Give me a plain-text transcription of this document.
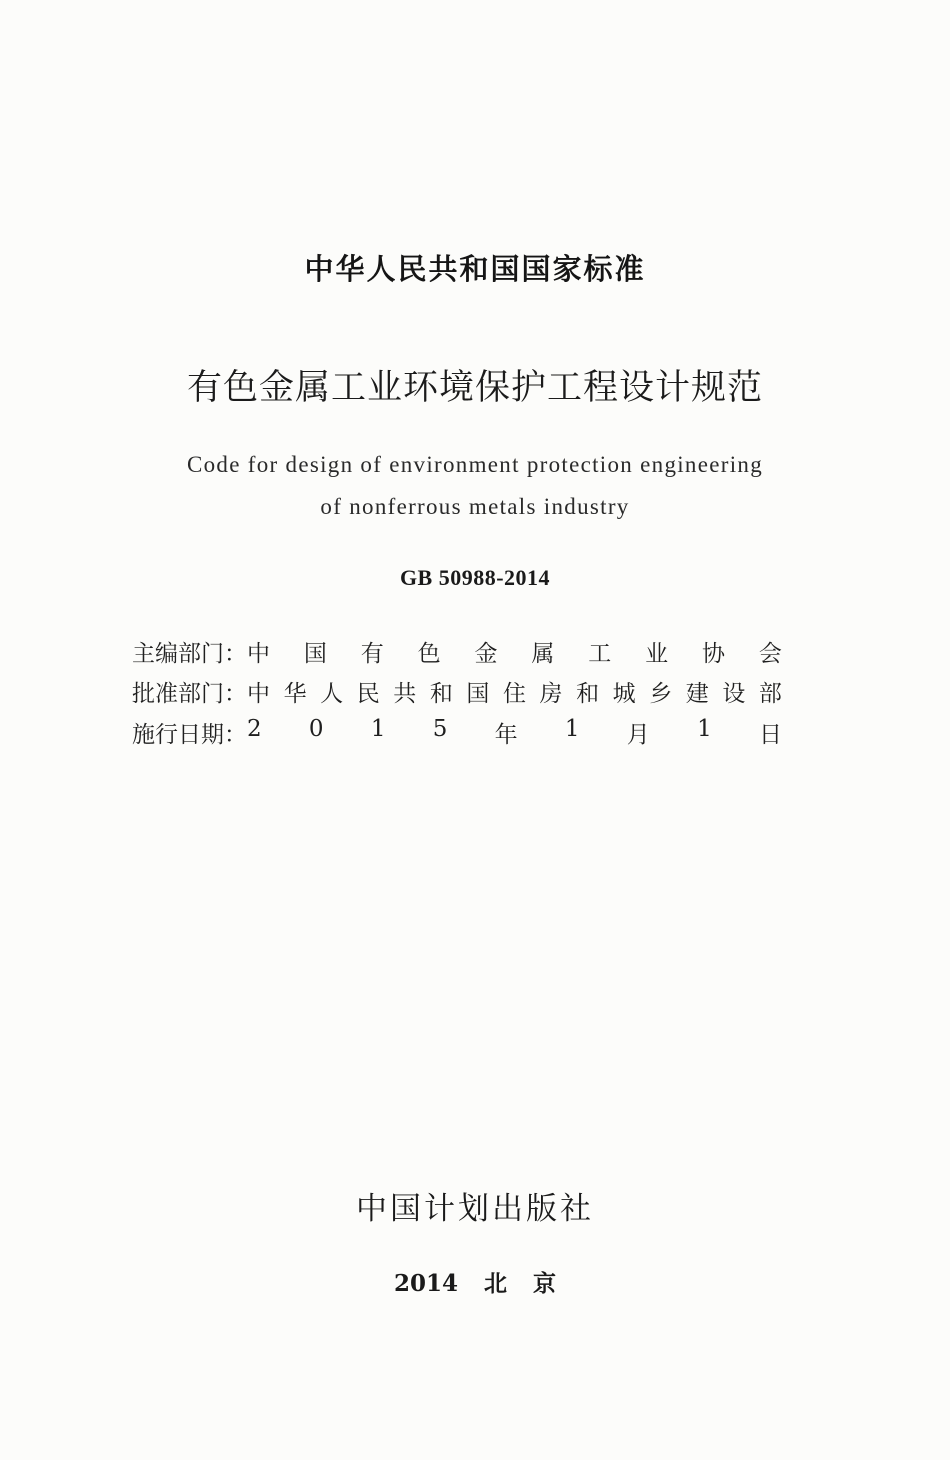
中华人民共和国国家标准
有色金属工业环境保护工程设计规范
Code for design of environment protection engineering
of nonferrous metals industry
GB 50988-2014
主编部门： 中 国 有 色 金 属 工 业 协 会
批准部门： 中 华 人 民 共 和 国 住 房 和 城 乡 建 设 部
施行日期： 2 0 1 5 年 1 月 1 日
中国计划出版社
2014 北 京
